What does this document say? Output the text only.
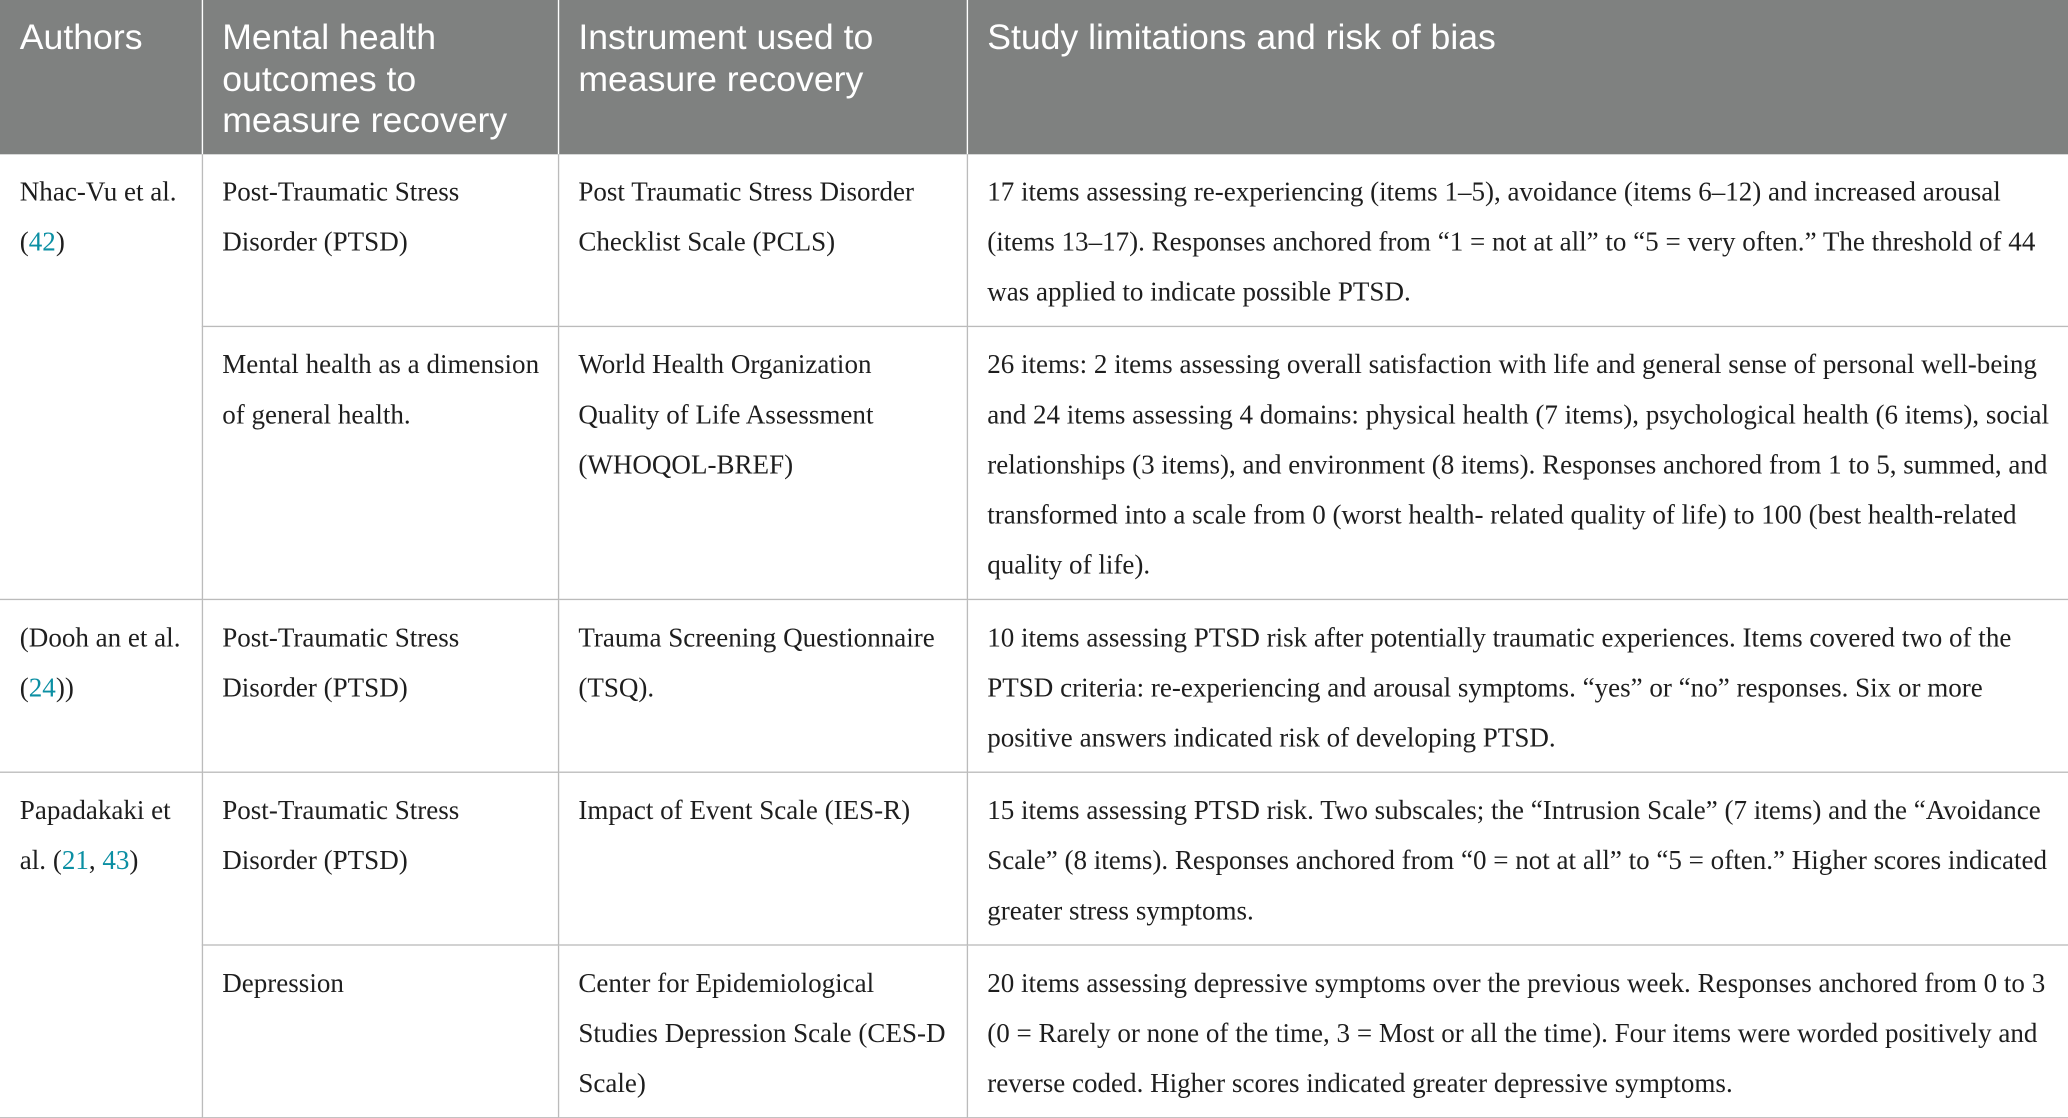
Authors	Mental health outcomes to measure recovery	Instrument used to measure recovery	Study limitations and risk of bias
Nhac-Vu et al. (42)	Post-Traumatic Stress Disorder (PTSD)	Post Traumatic Stress Disorder Checklist Scale (PCLS)	17 items assessing re-experiencing (items 1–5), avoidance (items 6–12) and increased arousal (items 13–17). Responses anchored from “1 = not at all” to “5 = very often.” The threshold of 44 was applied to indicate possible PTSD.
	Mental health as a dimension of general health.	World Health Organization Quality of Life Assessment (WHOQOL-BREF)	26 items: 2 items assessing overall satisfaction with life and general sense of personal well-being and 24 items assessing 4 domains: physical health (7 items), psychological health (6 items), social relationships (3 items), and environment (8 items). Responses anchored from 1 to 5, summed, and transformed into a scale from 0 (worst health- related quality of life) to 100 (best health-related quality of life).
(Dooh an et al. (24))	Post-Traumatic Stress Disorder (PTSD)	Trauma Screening Questionnaire (TSQ).	10 items assessing PTSD risk after potentially traumatic experiences. Items covered two of the PTSD criteria: re-experiencing and arousal symptoms. “yes” or “no” responses. Six or more positive answers indicated risk of developing PTSD.
Papadakaki et al. (21, 43)	Post-Traumatic Stress Disorder (PTSD)	Impact of Event Scale (IES-R)	15 items assessing PTSD risk. Two subscales; the “Intrusion Scale” (7 items) and the “Avoidance Scale” (8 items). Responses anchored from “0 = not at all” to “5 = often.” Higher scores indicated greater stress symptoms.
	Depression	Center for Epidemiological Studies Depression Scale (CES-D Scale)	20 items assessing depressive symptoms over the previous week. Responses anchored from 0 to 3 (0 = Rarely or none of the time, 3 = Most or all the time). Four items were worded positively and reverse coded. Higher scores indicated greater depressive symptoms.
